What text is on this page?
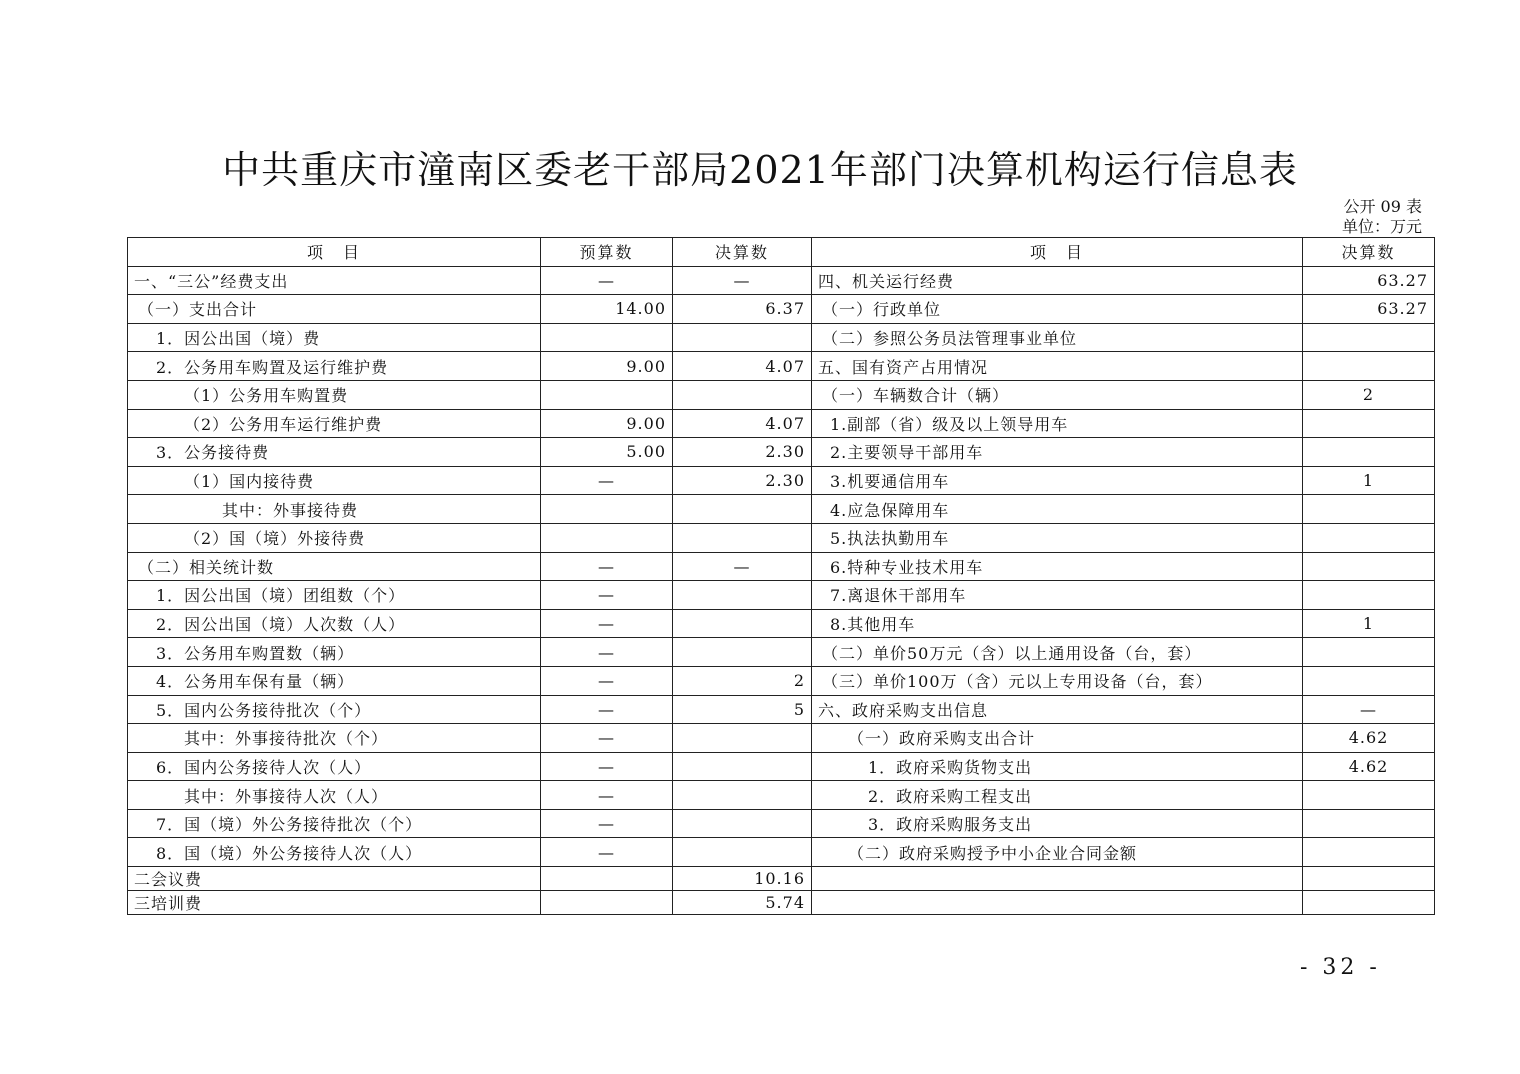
中共重庆市潼南区委老干部局2021年部门决算机构运行信息表
公开 09 表
单位：万元
项　目	预算数	决算数	项　目	决算数
一、“三公”经费支出	—	—	四、机关运行经费	63.27
（一）支出合计	14.00	6.37	（一）行政单位	63.27
1．因公出国（境）费			（二）参照公务员法管理事业单位	
2．公务用车购置及运行维护费	9.00	4.07	五、国有资产占用情况	
（1）公务用车购置费			（一）车辆数合计（辆）	2
（2）公务用车运行维护费	9.00	4.07	1.副部（省）级及以上领导用车	
3．公务接待费	5.00	2.30	2.主要领导干部用车	
（1）国内接待费	—	2.30	3.机要通信用车	1
其中：外事接待费			4.应急保障用车	
（2）国（境）外接待费			5.执法执勤用车	
（二）相关统计数	—	—	6.特种专业技术用车	
1．因公出国（境）团组数（个）	—		7.离退休干部用车	
2．因公出国（境）人次数（人）	—		8.其他用车	1
3．公务用车购置数（辆）	—		（二）单价50万元（含）以上通用设备（台，套）	
4．公务用车保有量（辆）	—	2	（三）单价100万（含）元以上专用设备（台，套）	
5．国内公务接待批次（个）	—	5	六、政府采购支出信息	—
其中：外事接待批次（个）	—		（一）政府采购支出合计	4.62
6．国内公务接待人次（人）	—		1．政府采购货物支出	4.62
其中：外事接待人次（人）	—		2．政府采购工程支出	
7．国（境）外公务接待批次（个）	—		3．政府采购服务支出	
8．国（境）外公务接待人次（人）	—		（二）政府采购授予中小企业合同金额	
二会议费		10.16		
三培训费		5.74		
- 32 -
